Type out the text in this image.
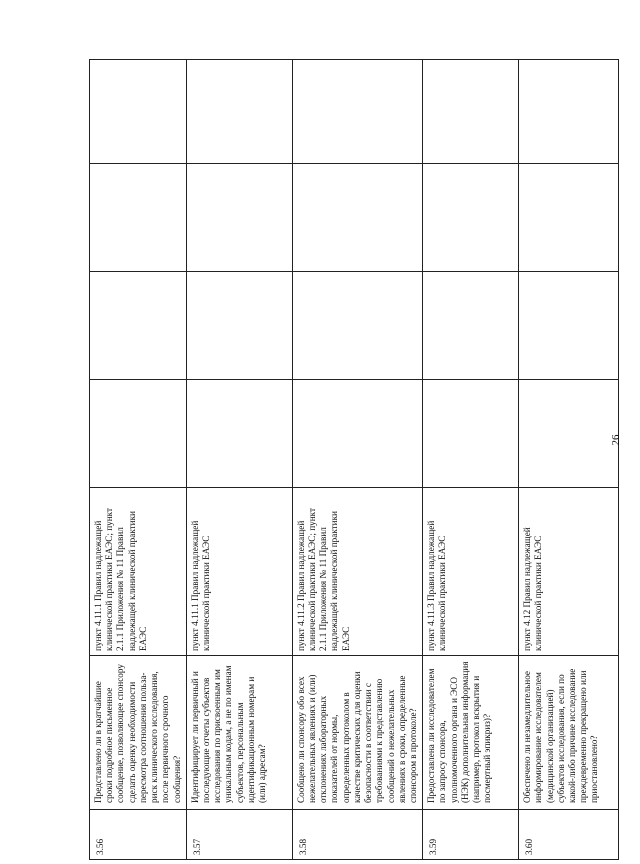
3.56	Представлено ли в кратчайшие сроки подробное письменное сообщение, позволяющее спонсору сделать оценку необходимости пересмотра соотношения польза-риск клинического исследования, после первичного срочного сообщения?	пункт 4.11.1 Правил надлежащей клинической практики ЕАЭС; пункт 2.1.1 Приложения № 11 Правил надлежащей клинической практики ЕАЭС				
3.57	Идентифицирует ли первичный и последующие отчеты субъектов исследования по присвоенным им уникальным кодам, а не по именам субъектов, персональным идентификационным номерам и (или) адресам?	пункт 4.11.1 Правил надлежащей клинической практики ЕАЭС				
3.58	Сообщено ли спонсору обо всех нежелательных явлениях и (или) отклонениях лабораторных показателей от нормы, определенных протоколом в качестве критических для оценки безопасности в соответствии с требованиями к представлению сообщений о нежелательных явлениях в сроки, определенные спонсором в протоколе?	пункт 4.11.2 Правил надлежащей клинической практики ЕАЭС; пункт 2.1.1 Приложения № 11 Правил надлежащей клинической практики ЕАЭС				
3.59	Предоставлена ли исследователем по запросу спонсора, уполномоченного органа и ЭСО (НЭК) дополнительная информация (например, протокол вскрытия и посмертный эпикриз)?	пункт 4.11.3 Правил надлежащей клинической практики ЕАЭС				
3.60	Обеспечено ли незамедлительное информирование исследователем (медицинской организацией) субъектов исследования, если по какой-либо причине исследование преждевременно прекращено или приостановлено?	пункт 4.12 Правил надлежащей клинической практики ЕАЭС				
26
